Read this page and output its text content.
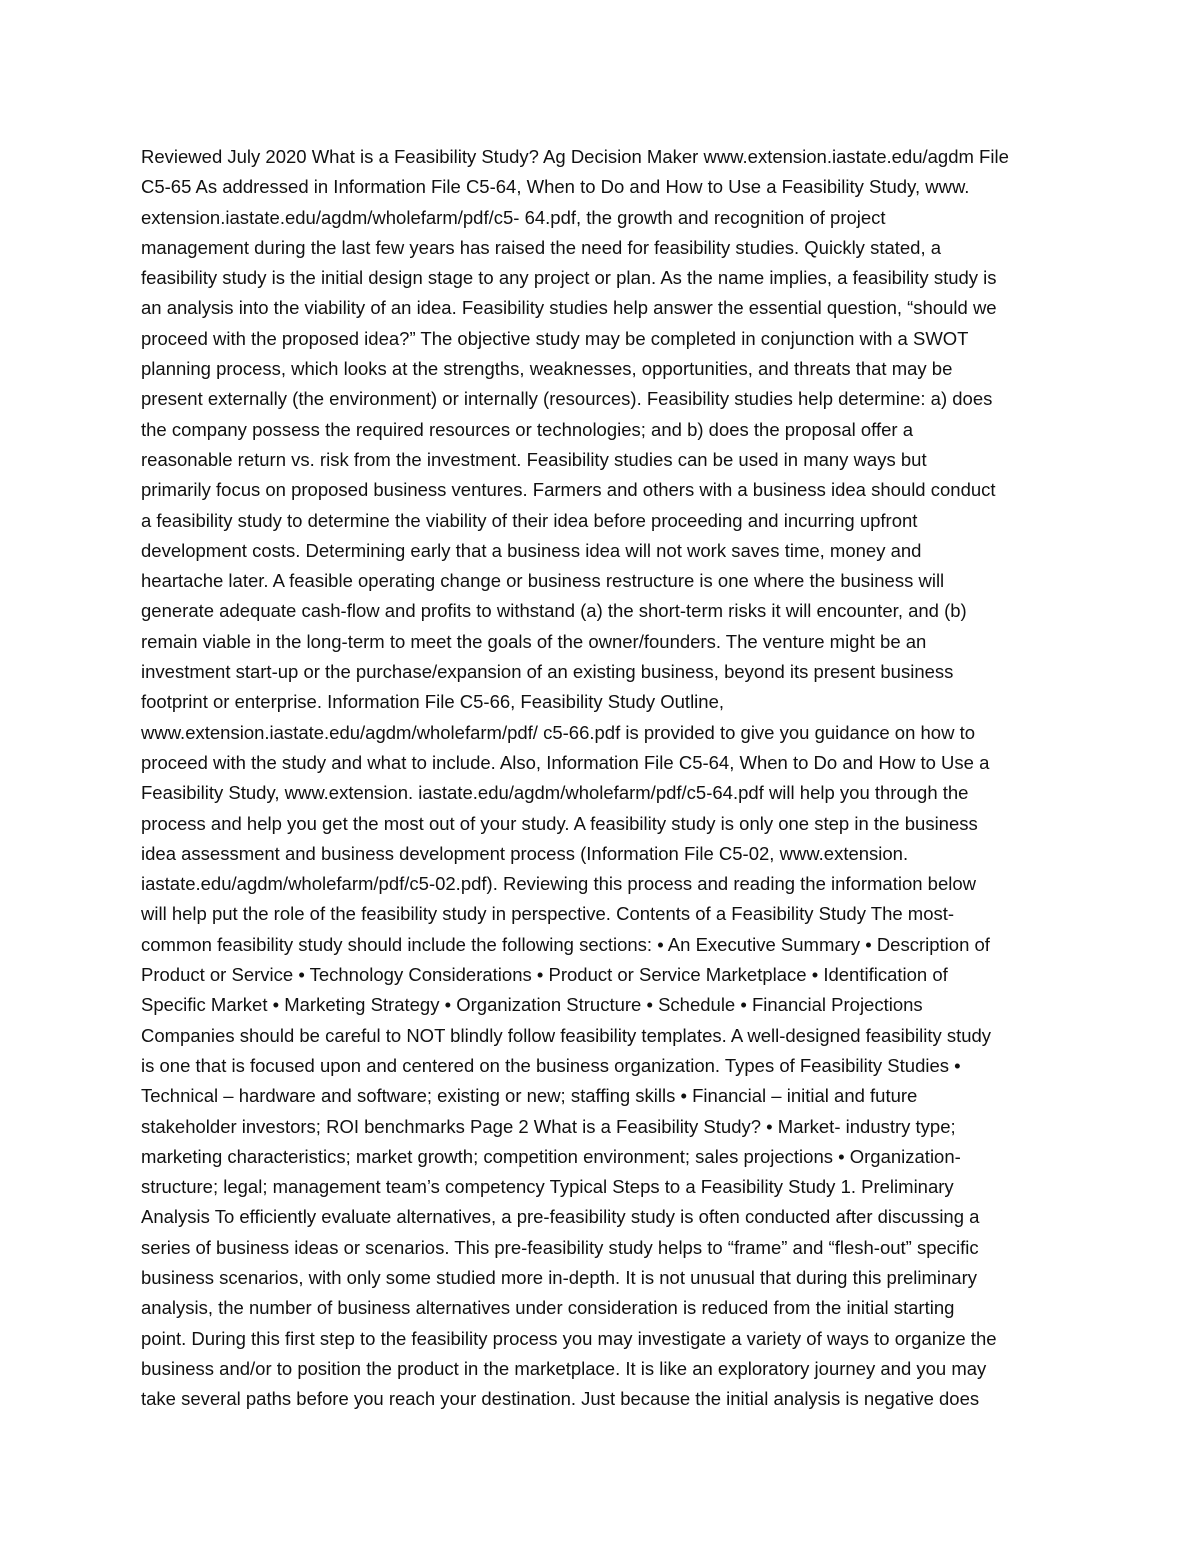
Reviewed July 2020 What is a Feasibility Study? Ag Decision Maker www.extension.iastate.edu/agdm File
C5-65 As addressed in Information File C5-64, When to Do and How to Use a Feasibility Study, www.
extension.iastate.edu/agdm/wholefarm/pdf/c5- 64.pdf, the growth and recognition of project
management during the last few years has raised the need for feasibility studies. Quickly stated, a
feasibility study is the initial design stage to any project or plan. As the name implies, a feasibility study is
an analysis into the viability of an idea. Feasibility studies help answer the essential question, “should we
proceed with the proposed idea?” The objective study may be completed in conjunction with a SWOT
planning process, which looks at the strengths, weaknesses, opportunities, and threats that may be
present externally (the environment) or internally (resources). Feasibility studies help determine: a) does
the company possess the required resources or technologies; and b) does the proposal offer a
reasonable return vs. risk from the investment. Feasibility studies can be used in many ways but
primarily focus on proposed business ventures. Farmers and others with a business idea should conduct
a feasibility study to determine the viability of their idea before proceeding and incurring upfront
development costs. Determining early that a business idea will not work saves time, money and
heartache later. A feasible operating change or business restructure is one where the business will
generate adequate cash-flow and profits to withstand (a) the short-term risks it will encounter, and (b)
remain viable in the long-term to meet the goals of the owner/founders. The venture might be an
investment start-up or the purchase/expansion of an existing business, beyond its present business
footprint or enterprise. Information File C5-66, Feasibility Study Outline,
www.extension.iastate.edu/agdm/wholefarm/pdf/ c5-66.pdf is provided to give you guidance on how to
proceed with the study and what to include. Also, Information File C5-64, When to Do and How to Use a
Feasibility Study, www.extension. iastate.edu/agdm/wholefarm/pdf/c5-64.pdf will help you through the
process and help you get the most out of your study. A feasibility study is only one step in the business
idea assessment and business development process (Information File C5-02, www.extension.
iastate.edu/agdm/wholefarm/pdf/c5-02.pdf). Reviewing this process and reading the information below
will help put the role of the feasibility study in perspective. Contents of a Feasibility Study The most-
common feasibility study should include the following sections: • An Executive Summary • Description of
Product or Service • Technology Considerations • Product or Service Marketplace • Identification of
Specific Market • Marketing Strategy • Organization Structure • Schedule • Financial Projections
Companies should be careful to NOT blindly follow feasibility templates. A well-designed feasibility study
is one that is focused upon and centered on the business organization. Types of Feasibility Studies •
Technical – hardware and software; existing or new; staffing skills • Financial – initial and future
stakeholder investors; ROI benchmarks Page 2 What is a Feasibility Study? • Market- industry type;
marketing characteristics; market growth; competition environment; sales projections • Organization-
structure; legal; management team’s competency Typical Steps to a Feasibility Study 1. Preliminary
Analysis To efficiently evaluate alternatives, a pre-feasibility study is often conducted after discussing a
series of business ideas or scenarios. This pre-feasibility study helps to “frame” and “flesh-out” specific
business scenarios, with only some studied more in-depth. It is not unusual that during this preliminary
analysis, the number of business alternatives under consideration is reduced from the initial starting
point. During this first step to the feasibility process you may investigate a variety of ways to organize the
business and/or to position the product in the marketplace. It is like an exploratory journey and you may
take several paths before you reach your destination. Just because the initial analysis is negative does
